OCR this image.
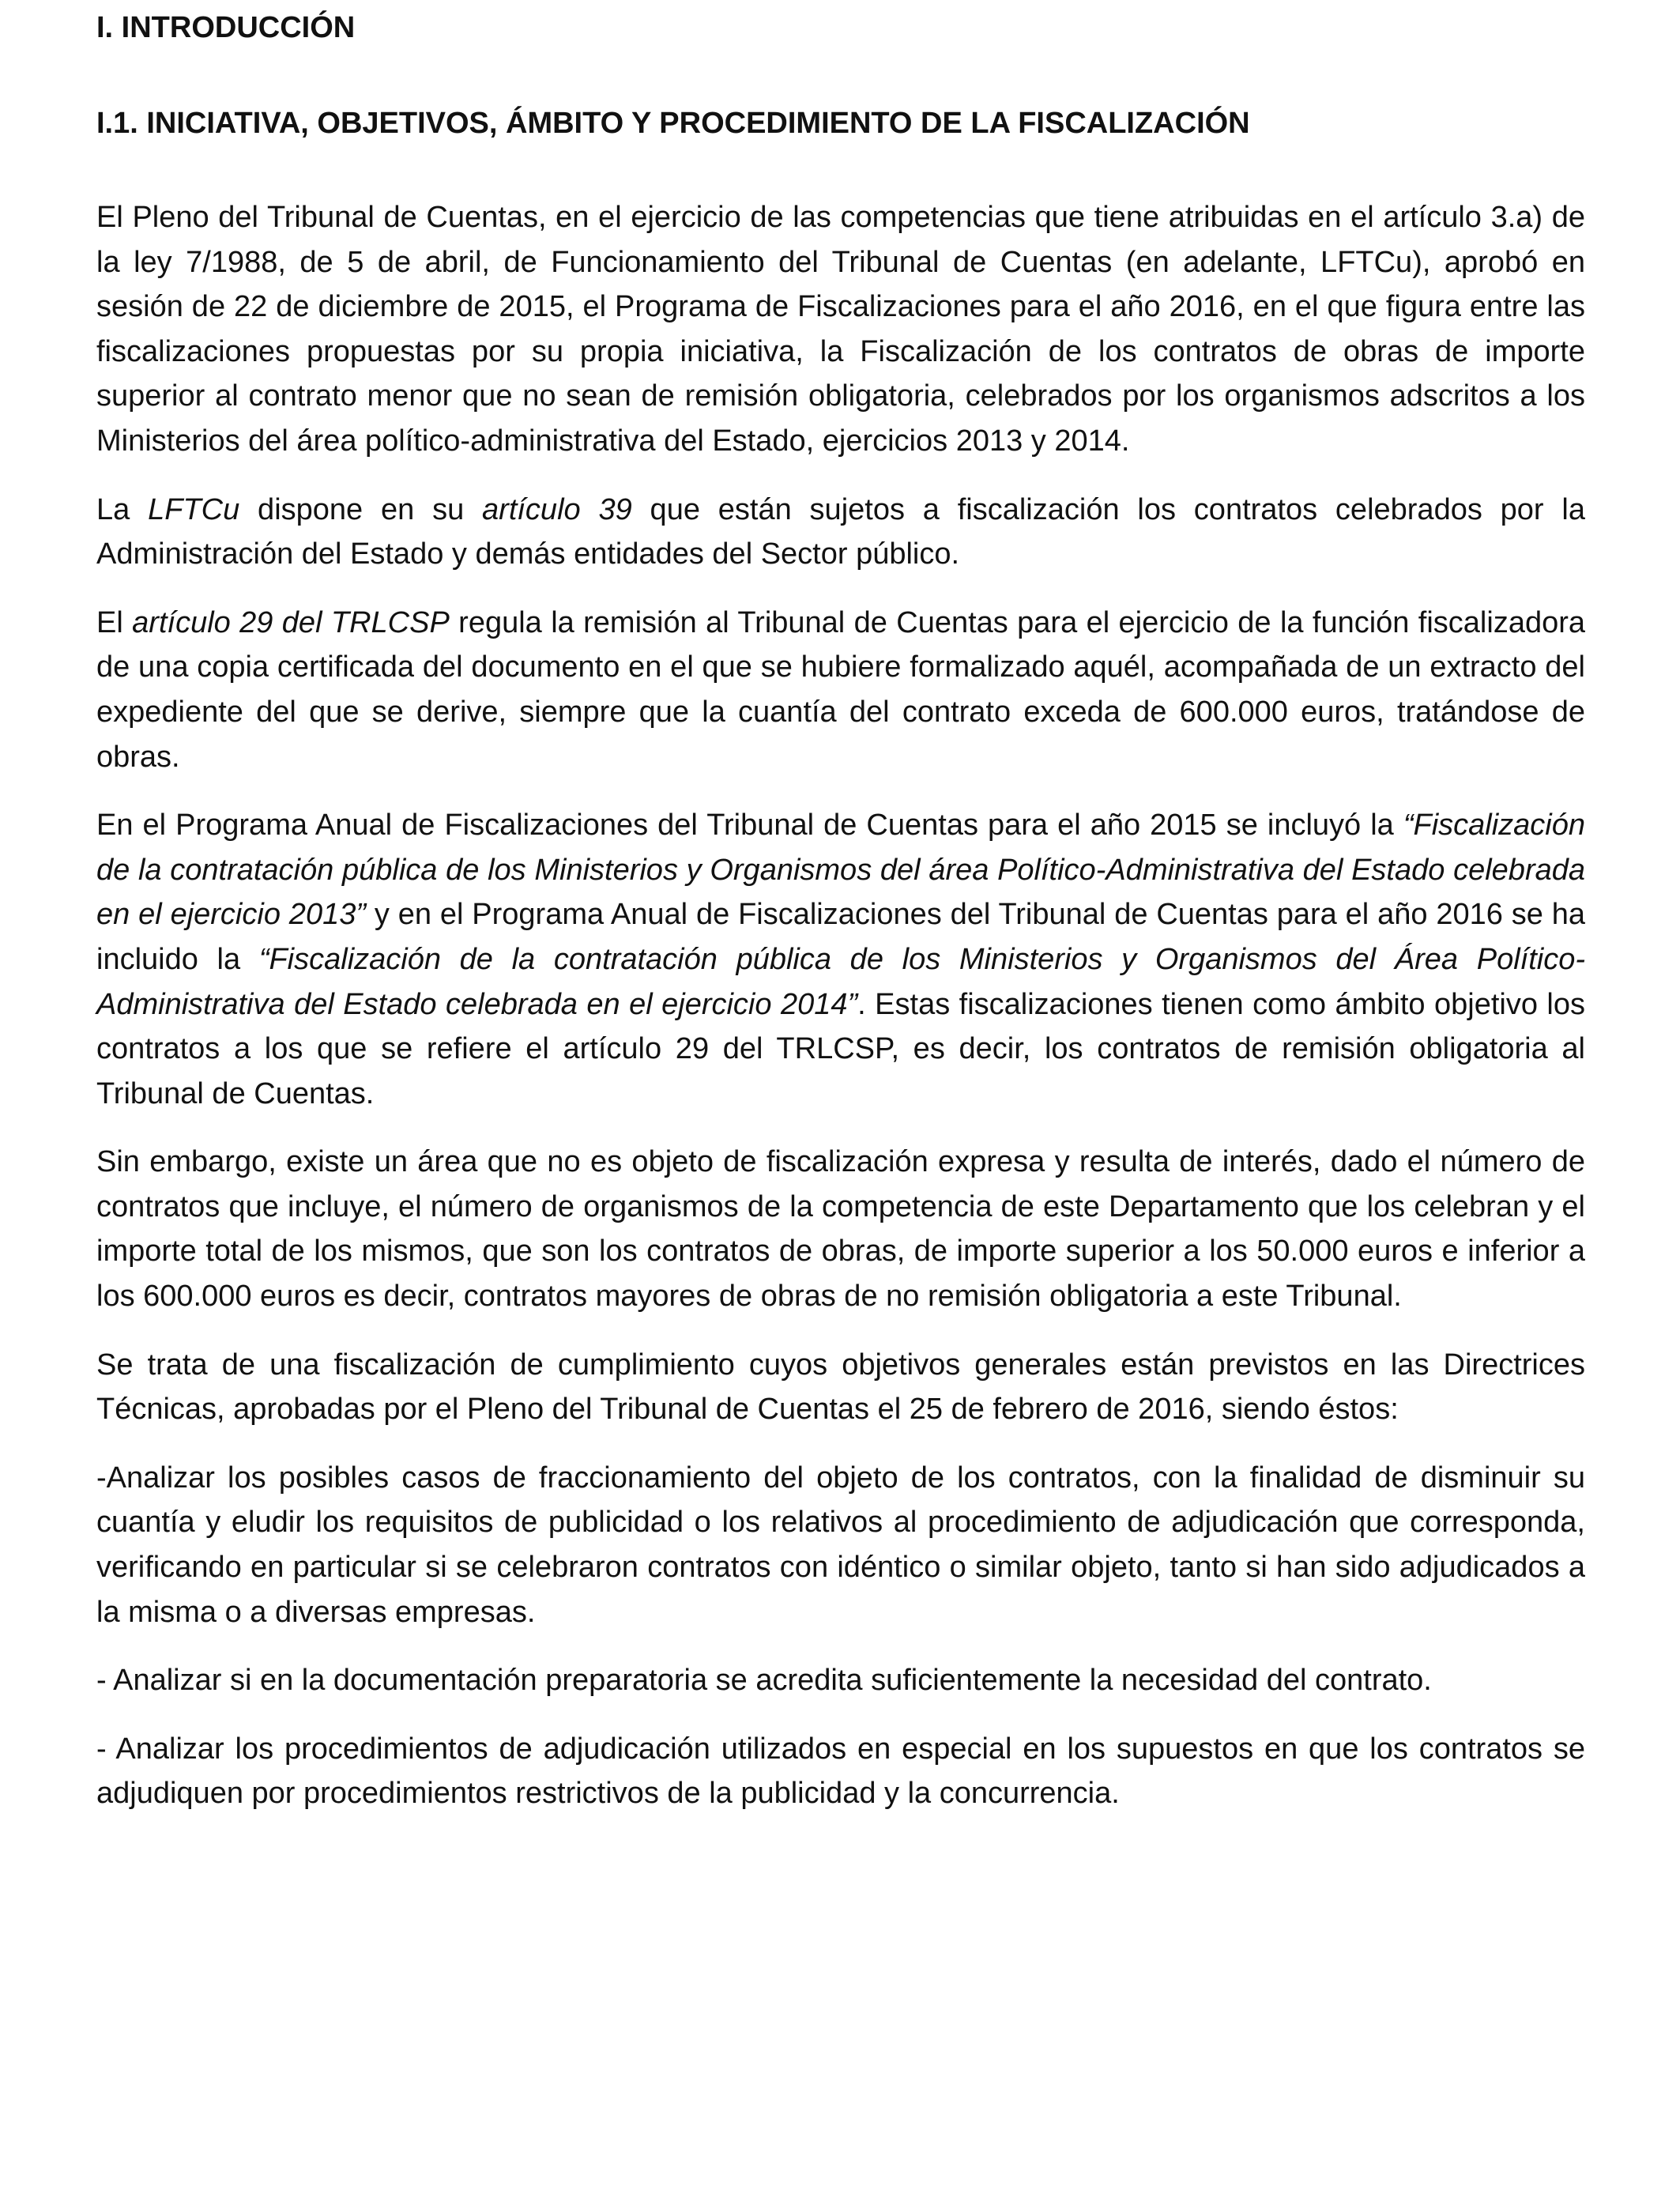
I. INTRODUCCIÓN
I.1. INICIATIVA, OBJETIVOS, ÁMBITO Y PROCEDIMIENTO DE LA FISCALIZACIÓN

El Pleno del Tribunal de Cuentas, en el ejercicio de las competencias que tiene atribuidas en el artículo 3.a) de la ley 7/1988, de 5 de abril, de Funcionamiento del Tribunal de Cuentas (en adelante, LFTCu), aprobó en sesión de 22 de diciembre de 2015, el Programa de Fiscalizaciones para el año 2016, en el que figura entre las fiscalizaciones propuestas por su propia iniciativa, la Fiscalización de los contratos de obras de importe superior al contrato menor que no sean de remisión obligatoria, celebrados por los organismos adscritos a los Ministerios del área político-administrativa del Estado, ejercicios 2013 y 2014.

La LFTCu dispone en su artículo 39 que están sujetos a fiscalización los contratos celebrados por la Administración del Estado y demás entidades del Sector público.

El artículo 29 del TRLCSP regula la remisión al Tribunal de Cuentas para el ejercicio de la función fiscalizadora de una copia certificada del documento en el que se hubiere formalizado aquél, acompañada de un extracto del expediente del que se derive, siempre que la cuantía del contrato exceda de 600.000 euros, tratándose de obras.

En el Programa Anual de Fiscalizaciones del Tribunal de Cuentas para el año 2015 se incluyó la “Fiscalización de la contratación pública de los Ministerios y Organismos del área Político-Administrativa del Estado celebrada en el ejercicio 2013” y en el Programa Anual de Fiscalizaciones del Tribunal de Cuentas para el año 2016 se ha incluido la “Fiscalización de la contratación pública de los Ministerios y Organismos del Área Político-Administrativa del Estado celebrada en el ejercicio 2014”. Estas fiscalizaciones tienen como ámbito objetivo los contratos a los que se refiere el artículo 29 del TRLCSP, es decir, los contratos de remisión obligatoria al Tribunal de Cuentas.

Sin embargo, existe un área que no es objeto de fiscalización expresa y resulta de interés, dado el número de contratos que incluye, el número de organismos de la competencia de este Departamento que los celebran y el importe total de los mismos, que son los contratos de obras, de importe superior a los 50.000 euros e inferior a los 600.000 euros es decir, contratos mayores de obras de no remisión obligatoria a este Tribunal.

Se trata de una fiscalización de cumplimiento cuyos objetivos generales están previstos en las Directrices Técnicas, aprobadas por el Pleno del Tribunal de Cuentas el 25 de febrero de 2016, siendo éstos:

-Analizar los posibles casos de fraccionamiento del objeto de los contratos, con la finalidad de disminuir su cuantía y eludir los requisitos de publicidad o los relativos al procedimiento de adjudicación que corresponda, verificando en particular si se celebraron contratos con idéntico o similar objeto, tanto si han sido adjudicados a la misma o a diversas empresas.

- Analizar si en la documentación preparatoria se acredita suficientemente la necesidad del contrato.

- Analizar los procedimientos de adjudicación utilizados en especial en los supuestos en que los contratos se adjudiquen por procedimientos restrictivos de la publicidad y la concurrencia.
